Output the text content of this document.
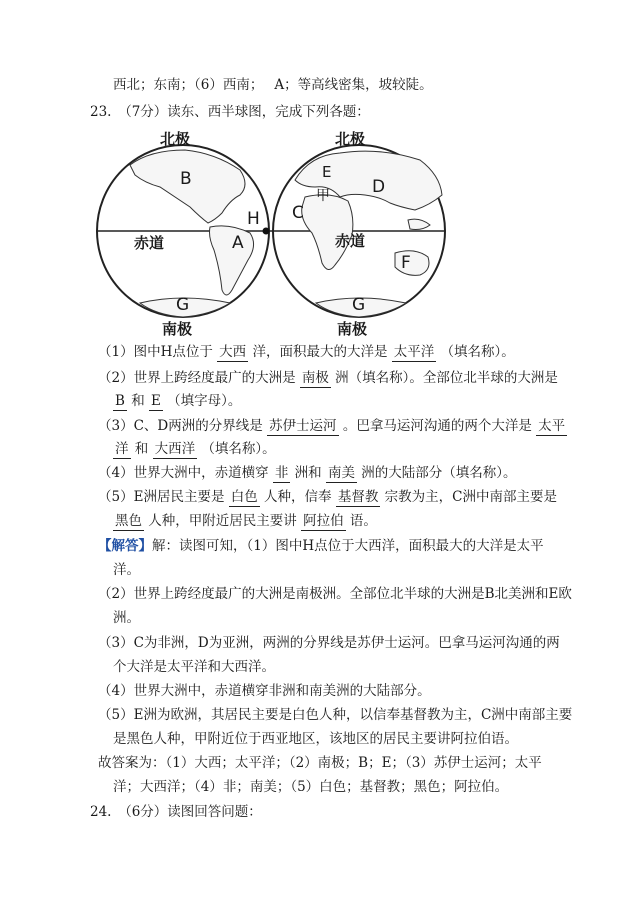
西北；东南；（6）西南；　 A；等高线密集，坡较陡。
23.　（7分）读东、西半球图，完成下列各题：
北极	北极
南极	南极
赤道	赤道
A
B
C
D
E
F
G	G
H
甲
（1）图中H点位于 大西 洋，面积最大的大洋是 太平洋 （填名称）。
（2）世界上跨经度最广的大洲是 南极 洲（填名称）。全部位北半球的大洲是
B 和 E （填字母）。
（3）C、D两洲的分界线是 苏伊士运河 。巴拿马运河沟通的两个大洋是 太平
洋 和 大西洋 （填名称）。
（4）世界大洲中，赤道横穿 非 洲和 南美 洲的大陆部分（填名称）。
（5）E洲居民主要是 白色 人种，信奉 基督教 宗教为主，C洲中南部主要是
黑色 人种，甲附近居民主要讲 阿拉伯 语。
【解答】解：读图可知，（1）图中H点位于大西洋，面积最大的大洋是太平
洋。
（2）世界上跨经度最广的大洲是南极洲。全部位北半球的大洲是B北美洲和E欧
洲。
（3）C为非洲，D为亚洲，两洲的分界线是苏伊士运河。巴拿马运河沟通的两
个大洋是太平洋和大西洋。
（4）世界大洲中，赤道横穿非洲和南美洲的大陆部分。
（5）E洲为欧洲，其居民主要是白色人种，以信奉基督教为主，C洲中南部主要
是黑色人种，甲附近位于西亚地区，该地区的居民主要讲阿拉伯语。
故答案为：（1）大西；太平洋；（2）南极；B；E；（3）苏伊士运河；太平
洋；大西洋；（4）非；南美；（5）白色；基督教；黑色；阿拉伯。
24.　（6分）读图回答问题：
